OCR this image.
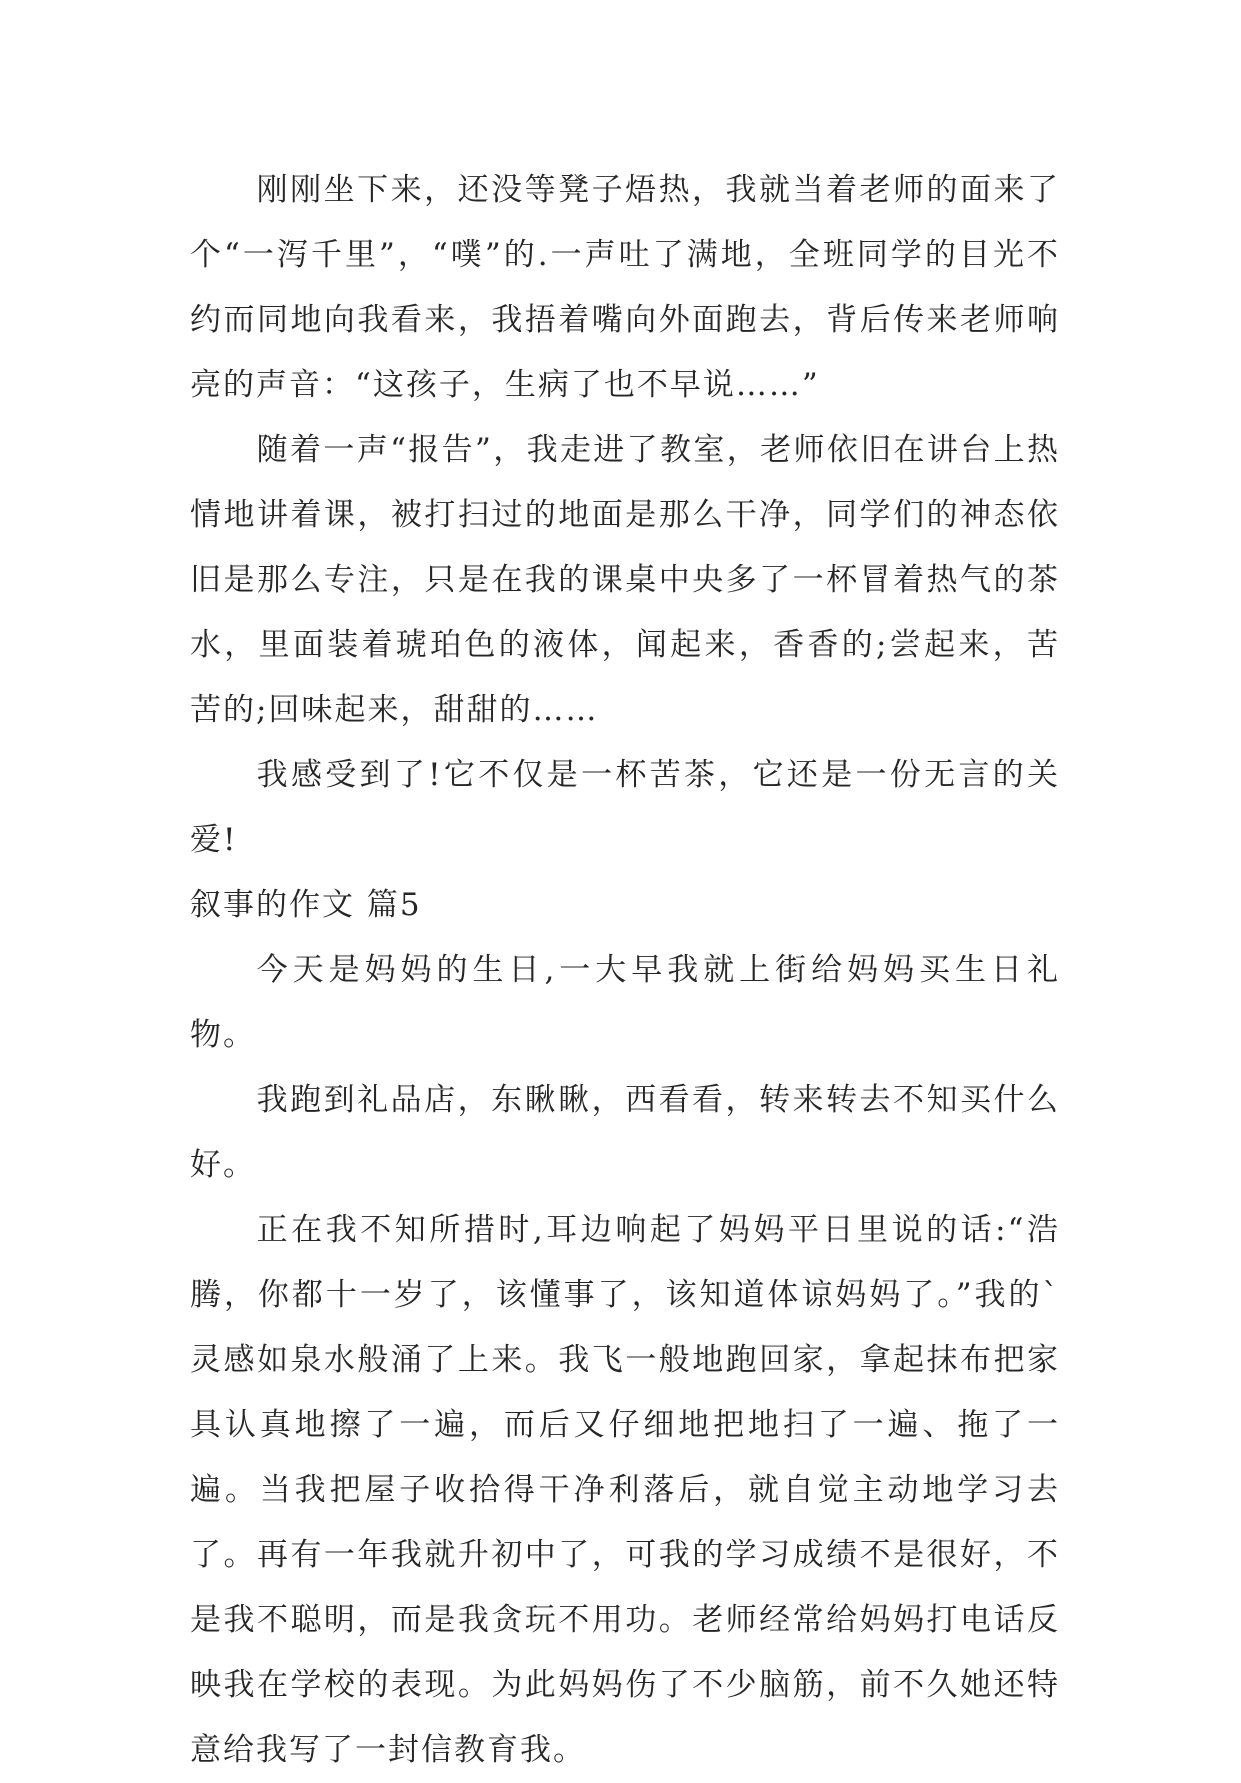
刚刚坐下来，还没等凳子焐热，我就当着老师的面来了个“一泻千里”，“噗”的.一声吐了满地，全班同学的目光不约而同地向我看来，我捂着嘴向外面跑去，背后传来老师响亮的声音：“这孩子，生病了也不早说……”

随着一声“报告”，我走进了教室，老师依旧在讲台上热情地讲着课，被打扫过的地面是那么干净，同学们的神态依旧是那么专注，只是在我的课桌中央多了一杯冒着热气的茶水，里面装着琥珀色的液体，闻起来，香香的;尝起来，苦苦的;回味起来，甜甜的……

我感受到了!它不仅是一杯苦茶，它还是一份无言的关爱!

叙事的作文 篇5

今天是妈妈的生日,一大早我就上街给妈妈买生日礼物。

我跑到礼品店，东瞅瞅，西看看，转来转去不知买什么好。

正在我不知所措时,耳边响起了妈妈平日里说的话:“浩腾，你都十一岁了，该懂事了，该知道体谅妈妈了。”我的`灵感如泉水般涌了上来。我飞一般地跑回家，拿起抹布把家具认真地擦了一遍，而后又仔细地把地扫了一遍、拖了一遍。当我把屋子收拾得干净利落后，就自觉主动地学习去了。再有一年我就升初中了，可我的学习成绩不是很好，不是我不聪明，而是我贪玩不用功。老师经常给妈妈打电话反映我在学校的表现。为此妈妈伤了不少脑筋，前不久她还特意给我写了一封信教育我。
